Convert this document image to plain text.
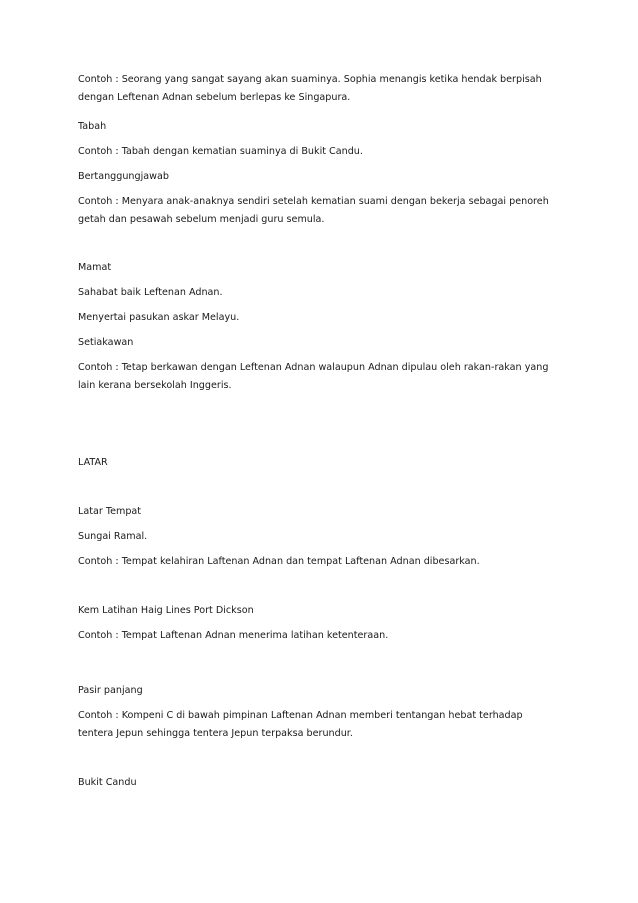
Contoh : Seorang yang sangat sayang akan suaminya. Sophia menangis ketika hendak berpisah dengan Leftenan Adnan sebelum berlepas ke Singapura.
Tabah
Contoh : Tabah dengan kematian suaminya di Bukit Candu.
Bertanggungjawab
Contoh : Menyara anak-anaknya sendiri setelah kematian suami dengan bekerja sebagai penoreh getah dan pesawah sebelum menjadi guru semula.
Mamat
Sahabat baik Leftenan Adnan.
Menyertai pasukan askar Melayu.
Setiakawan
Contoh : Tetap berkawan dengan Leftenan Adnan walaupun Adnan dipulau oleh rakan-rakan yang lain kerana bersekolah Inggeris.
LATAR
Latar Tempat
Sungai Ramal.
Contoh : Tempat kelahiran Laftenan Adnan dan tempat Laftenan Adnan dibesarkan.
Kem Latihan Haig Lines Port Dickson
Contoh : Tempat Laftenan Adnan menerima latihan ketenteraan.
Pasir panjang
Contoh : Kompeni C di bawah pimpinan Laftenan Adnan memberi tentangan hebat terhadap tentera Jepun sehingga tentera Jepun terpaksa berundur.
Bukit Candu
